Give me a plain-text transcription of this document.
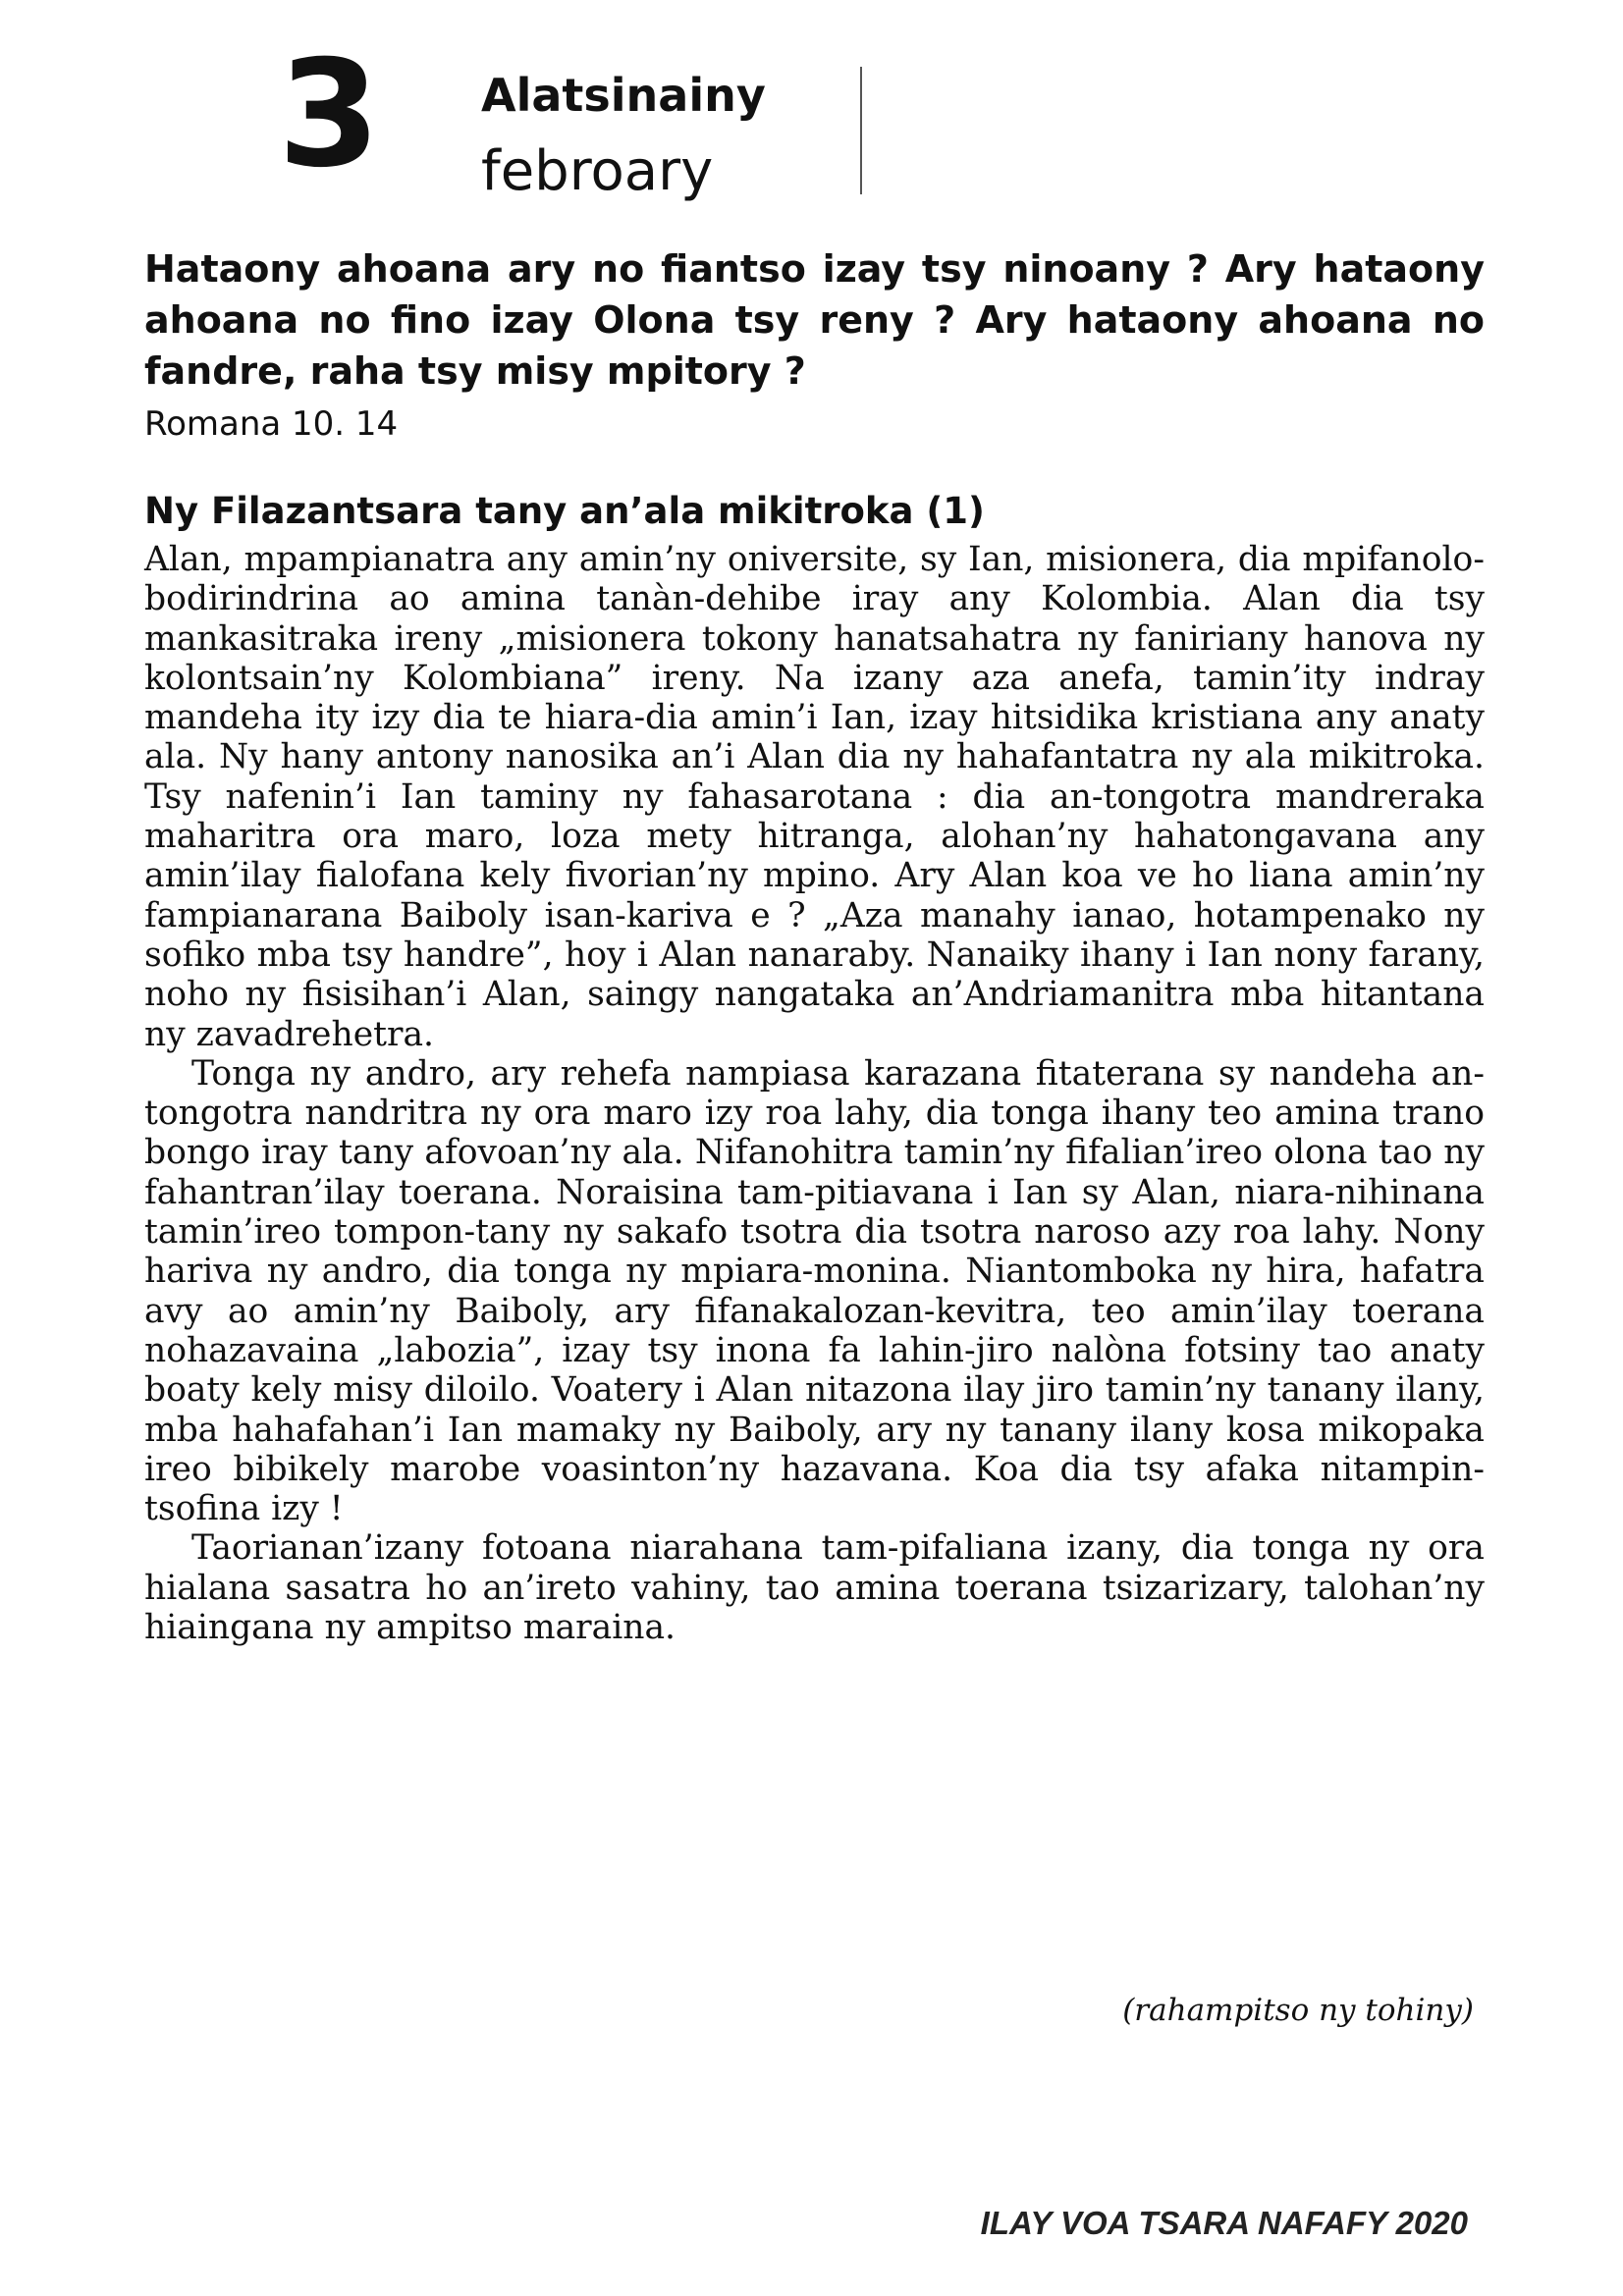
3 Alatsinainy
febroary

Hataony ahoana ary no fiantso izay tsy ninoany ? Ary hataony ahoana no fino izay Olona tsy reny ? Ary hataony ahoana no fandre, raha tsy misy mpitory ?

Romana 10. 14
Ny Filazantsara tany an’ala mikitroka (1)

Alan, mpampianatra any amin’ny oniversite, sy Ian, misionera, dia mpifanolo-bodirindrina ao amina tanàn-dehibe iray any Kolombia. Alan dia tsy mankasitraka ireny „misionera tokony hanatsahatra ny faniriany hanova ny kolontsain’ny Kolombiana” ireny. Na izany aza anefa, tamin’ity indray mandeha ity izy dia te hiara-dia amin’i Ian, izay hitsidika kristiana any anaty ala. Ny hany antony nanosika an’i Alan dia ny hahafantatra ny ala mikitroka. Tsy nafenin’i Ian taminy ny fahasarotana : dia an-tongotra mandreraka maharitra ora maro, loza mety hitranga, alohan’ny hahatongavana any amin’ilay fialofana kely fivorian’ny mpino. Ary Alan koa ve ho liana amin’ny fampianarana Baiboly isan-kariva e ? „Aza manahy ianao, hotampenako ny sofiko mba tsy handre”, hoy i Alan nanaraby. Nanaiky ihany i Ian nony farany, noho ny fisisihan’i Alan, saingy nangataka an’Andriamanitra mba hitantana ny zavadrehetra.

Tonga ny andro, ary rehefa nampiasa karazana fitaterana sy nandeha an-tongotra nandritra ny ora maro izy roa lahy, dia tonga ihany teo amina trano bongo iray tany afovoan’ny ala. Nifanohitra tamin’ny fifalian’ireo olona tao ny fahantran’ilay toerana. Noraisina tam-pitiavana i Ian sy Alan, niara-nihinana tamin’ireo tompon-tany ny sakafo tsotra dia tsotra naroso azy roa lahy. Nony hariva ny andro, dia tonga ny mpiara-monina. Niantomboka ny hira, hafatra avy ao amin’ny Baiboly, ary fifanakalozan-kevitra, teo amin’ilay toerana nohazavaina „labozia”, izay tsy inona fa lahin-jiro nalòna fotsiny tao anaty boaty kely misy diloilo. Voatery i Alan nitazona ilay jiro tamin’ny tanany ilany, mba hahafahan’i Ian mamaky ny Baiboly, ary ny tanany ilany kosa mikopaka ireo bibikely marobe voasinton’ny hazavana. Koa dia tsy afaka nitampin-tsofina izy !

Taorianan’izany fotoana niarahana tam-pifaliana izany, dia tonga ny ora hialana sasatra ho an’ireto vahiny, tao amina toerana tsizarizary, talohan’ny hiaingana ny ampitso maraina.

(rahampitso ny tohiny)
ILAY VOA TSARA NAFAFY 2020
